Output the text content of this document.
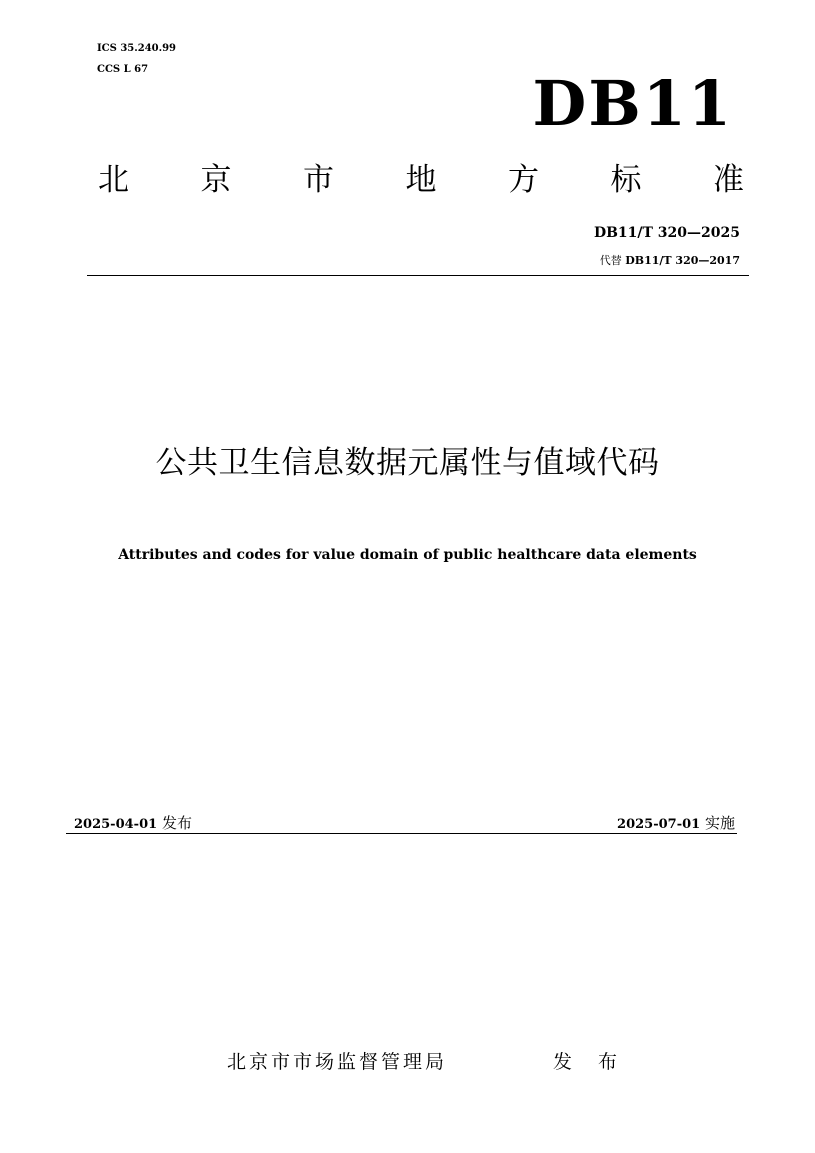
ICS 35.240.99
CCS L 67	DB11
北 京 市 地 方 标 准
DB11/T 320—2025
代替 DB11/T 320—2017
公共卫生信息数据元属性与值域代码
Attributes and codes for value domain of public healthcare data elements
2025-04-01 发布	2025-07-01 实施
北京市市场监督管理局	发 布
